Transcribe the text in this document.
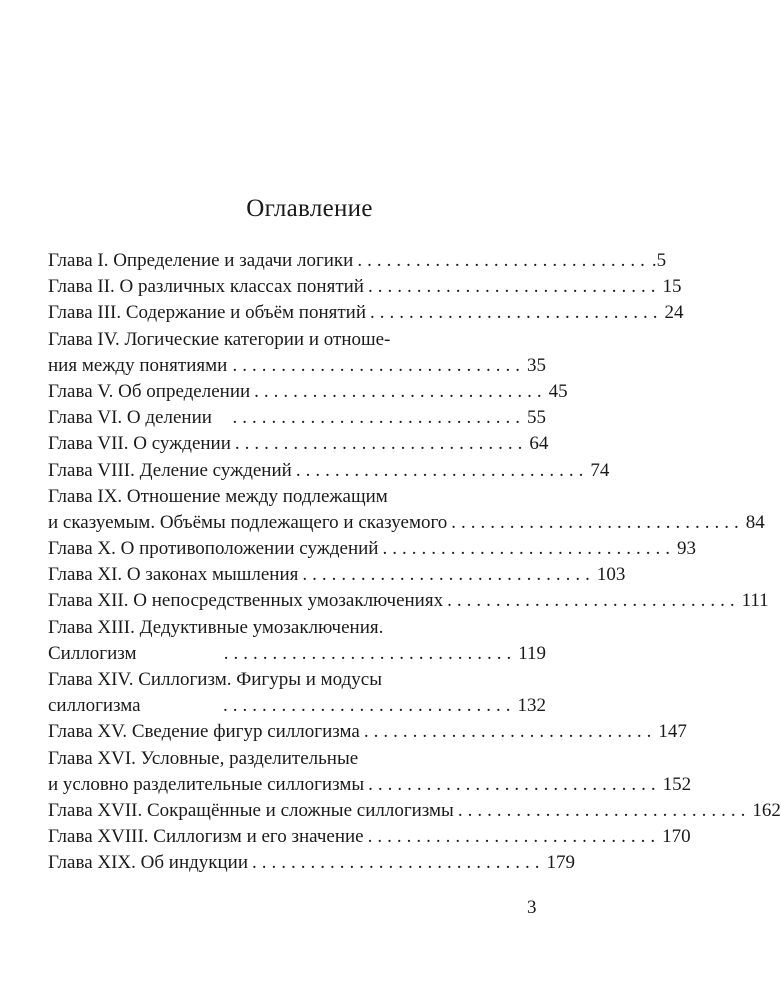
Оглавление
Глава I. Определение и задачи логики .............................. .5
Глава II. О различных классах понятий .............................. 15
Глава III. Содержание и объём понятий .............................. 24
Глава IV. Логические категории и отноше-
ния между понятиями .............................. 35
Глава V. Об определении .............................. 45
Глава VI. О делении	.............................. 55
Глава VII. О суждении .............................. 64
Глава VIII. Деление суждений .............................. 74
Глава IX. Отношение между подлежащим
и сказуемым. Объёмы подлежащего и сказуемого .............................. 84
Глава X. О противоположении суждений .............................. 93
Глава XI. О законах мышления .............................. 103
Глава XII. О непосредственных умозаключениях .............................. 111
Глава XIII. Дедуктивные умозаключения.
Силлогизм	.............................. 119
Глава XIV. Силлогизм. Фигуры и модусы
силлогизма	.............................. 132
Глава XV. Сведение фигур силлогизма .............................. 147
Глава XVI. Условные, разделительные
и условно разделительные силлогизмы .............................. 152
Глава XVII. Сокращённые и сложные силлогизмы .............................. 162
Глава XVIII. Силлогизм и его значение .............................. 170
Глава XIX. Об индукции .............................. 179
3
